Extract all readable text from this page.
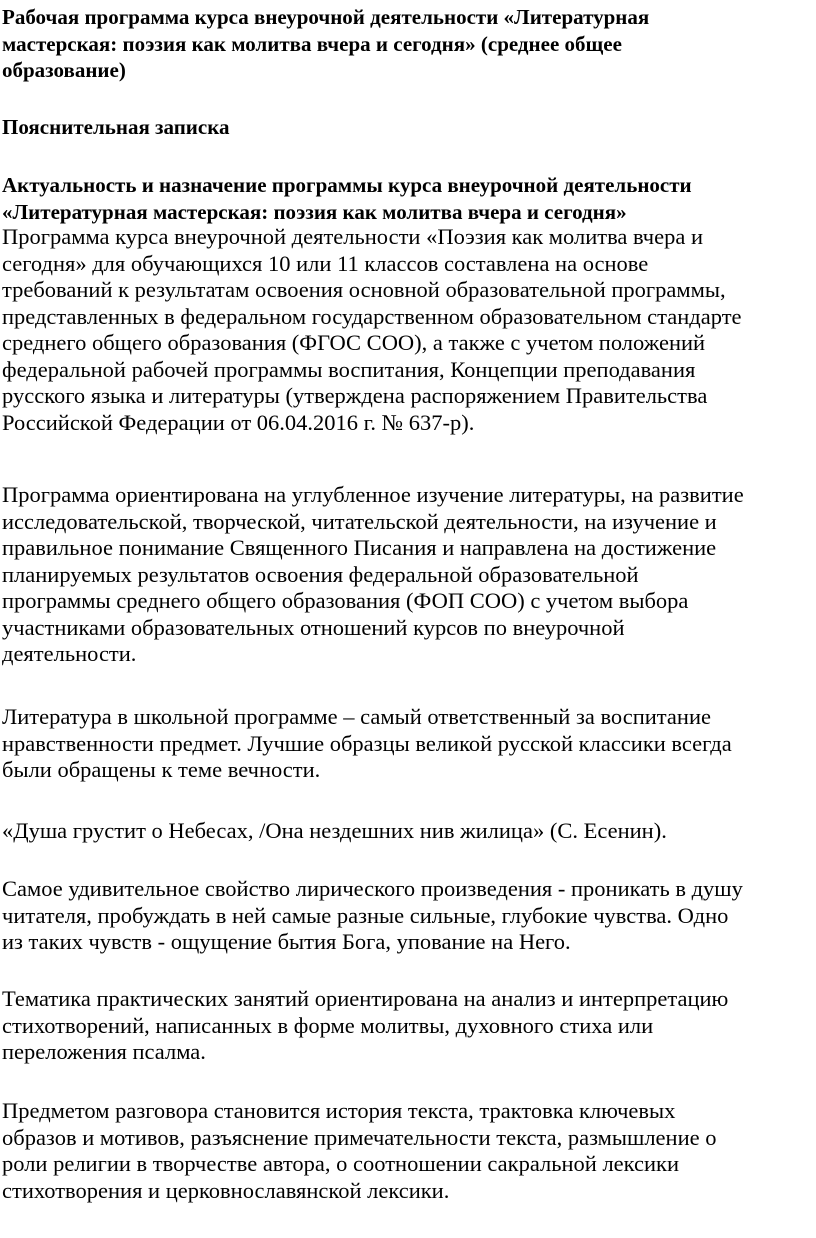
Рабочая программа курса внеурочной деятельности «Литературная
мастерская: поэзия как молитва вчера и сегодня» (среднее общее
образование)
Пояснительная записка
Актуальность и назначение программы курса внеурочной деятельности
«Литературная мастерская: поэзия как молитва вчера и сегодня»

Программа курса внеурочной деятельности «Поэзия как молитва вчера и
сегодня» для обучающихся 10 или 11 классов составлена на основе
требований к результатам освоения основной образовательной программы,
представленных в федеральном государственном образовательном стандарте
среднего общего образования (ФГОС СОО), а также с учетом положений
федеральной рабочей программы воспитания, Концепции преподавания
русского языка и литературы (утверждена распоряжением Правительства
Российской Федерации от 06.04.2016 г. № 637-р).

Программа ориентирована на углубленное изучение литературы, на развитие
исследовательской, творческой, читательской деятельности, на изучение и
правильное понимание Священного Писания и направлена на достижение
планируемых результатов освоения федеральной образовательной
программы среднего общего образования (ФОП СОО) с учетом выбора
участниками образовательных отношений курсов по внеурочной
деятельности.

Литература в школьной программе – самый ответственный за воспитание
нравственности предмет. Лучшие образцы великой русской классики всегда
были обращены к теме вечности.

«Душа грустит о Небесах, /Она нездешних нив жилица» (С. Есенин).

Самое удивительное свойство лирического произведения - проникать в душу
читателя, пробуждать в ней самые разные сильные, глубокие чувства. Одно
из таких чувств - ощущение бытия Бога, упование на Него.

Тематика практических занятий ориентирована на анализ и интерпретацию
стихотворений, написанных в форме молитвы, духовного стиха или
переложения псалма.

Предметом разговора становится история текста, трактовка ключевых
образов и мотивов, разъяснение примечательности текста, размышление о
роли религии в творчестве автора, о соотношении сакральной лексики
стихотворения и церковнославянской лексики.
